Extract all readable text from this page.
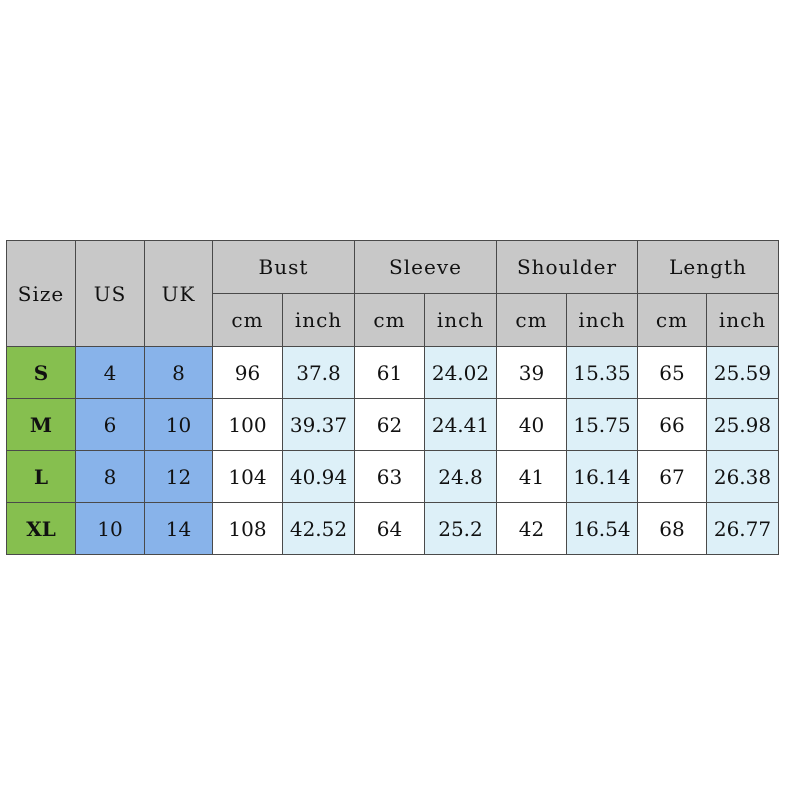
Size	US	UK	Bust		Sleeve		Shoulder		Length	
			cm	inch	cm	inch	cm	inch	cm	inch
S	4	8	96	37.8	61	24.02	39	15.35	65	25.59
M	6	10	100	39.37	62	24.41	40	15.75	66	25.98
L	8	12	104	40.94	63	24.8	41	16.14	67	26.38
XL	10	14	108	42.52	64	25.2	42	16.54	68	26.77
